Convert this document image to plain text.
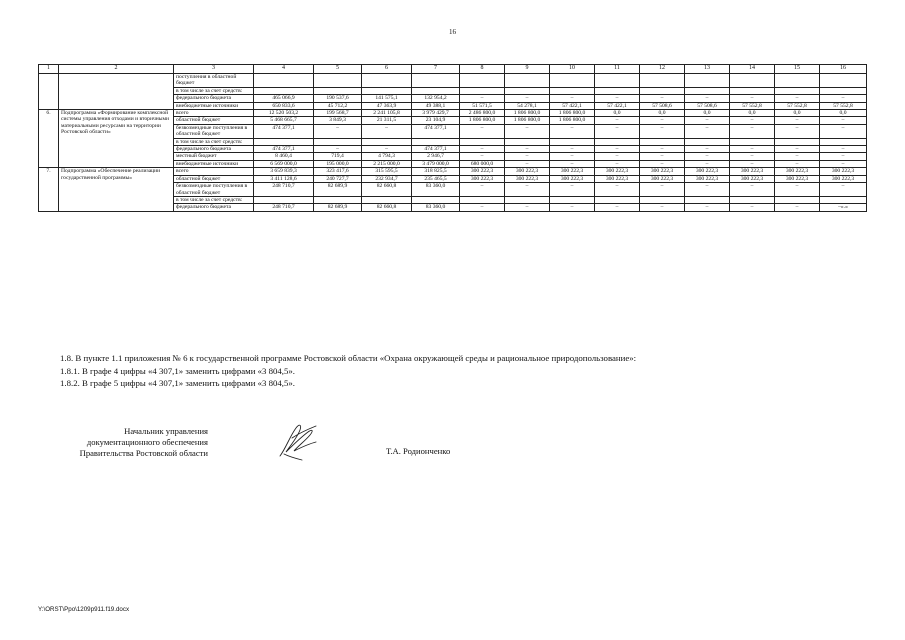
16
1	2	3	4	5	6	7	8	9	10	11	12	13	14	15	16
		поступления в областной бюджет													
		в том числе за счет средств:													
		федерального бюджета	465 066,9	190 537,6	141 575,1	132 954,2	–	–	–	–	–	–	–	–	–
		внебюджетные источники	650 833,6	45 712,2	47 363,9	49 388,1	51 571,5	54 278,1	57 422,1	57 422,1	57 508,6	57 508,6	57 552,8	57 552,8	57 552,8
6.	Подпрограмма «Формирование комплексной системы управления отходами и вторичными материальными ресурсами на территории Ростовской области»	всего	12 520 503,2	199 568,7	2 241 105,8	3 979 429,7	2 486 800,0	1 806 800,0	1 806 800,0	0,0	0,0	0,0	0,0	0,0	0,0
		областной бюджет	5 468 665,7	3 849,3	21 311,5	23 104,9	1 806 800,0	1 806 800,0	1 806 800,0	–	–	–	–	–	–
		безвозмездные поступления в областной бюджет	474 377,1	–	–	474 377,1	–	–	–	–	–	–	–	–	–
		в том числе за счет средств:													
		федерального бюджета	474 377,1	–	–	474 377,1	–	–	–	–	–	–	–	–	–
		местный бюджет	8 460,4	719,4	4 794,3	2 946,7	–	–	–	–	–	–	–	–	–
		внебюджетные источники	6 569 000,0	195 000,0	2 215 000,0	3 479 000,0	680 000,0	–	–	–	–	–	–	–	–
7.	Подпрограмма «Обеспечение реализации государственной программы»	всего	3 659 839,3	323 417,6	315 595,5	318 825,5	300 222,3	300 222,3	300 222,3	300 222,3	300 222,3	300 222,3	300 222,3	300 222,3	300 222,3
		областной бюджет	3 411 128,6	240 727,7	232 934,7	235 465,5	300 222,3	300 222,3	300 222,3	300 222,3	300 222,3	300 222,3	300 222,3	300 222,3	300 222,3
		безвозмездные поступления в областной бюджет	248 710,7	82 689,9	82 660,8	83 360,0	–	–	–	–	–	–	–	–	–
		в том числе за счет средств:													
		федерального бюджета	248 710,7	82 689,9	82 660,8	83 360,0	–	–	–	–	–	–	–	–	–».»

1.8. В пункте 1.1 приложения № 6 к государственной программе Ростовской области «Охрана окружающей среды и рациональное природопользование»:

1.8.1. В графе 4 цифры «4 307,1» заменить цифрами «3 804,5».

1.8.2. В графе 5 цифры «4 307,1» заменить цифрами «3 804,5».

Начальник управления

документационного обеспечения

Правительства Ростовской области	Т.А. Родионченко
Y:\ORST\Ppo\1209p911.f19.docx
